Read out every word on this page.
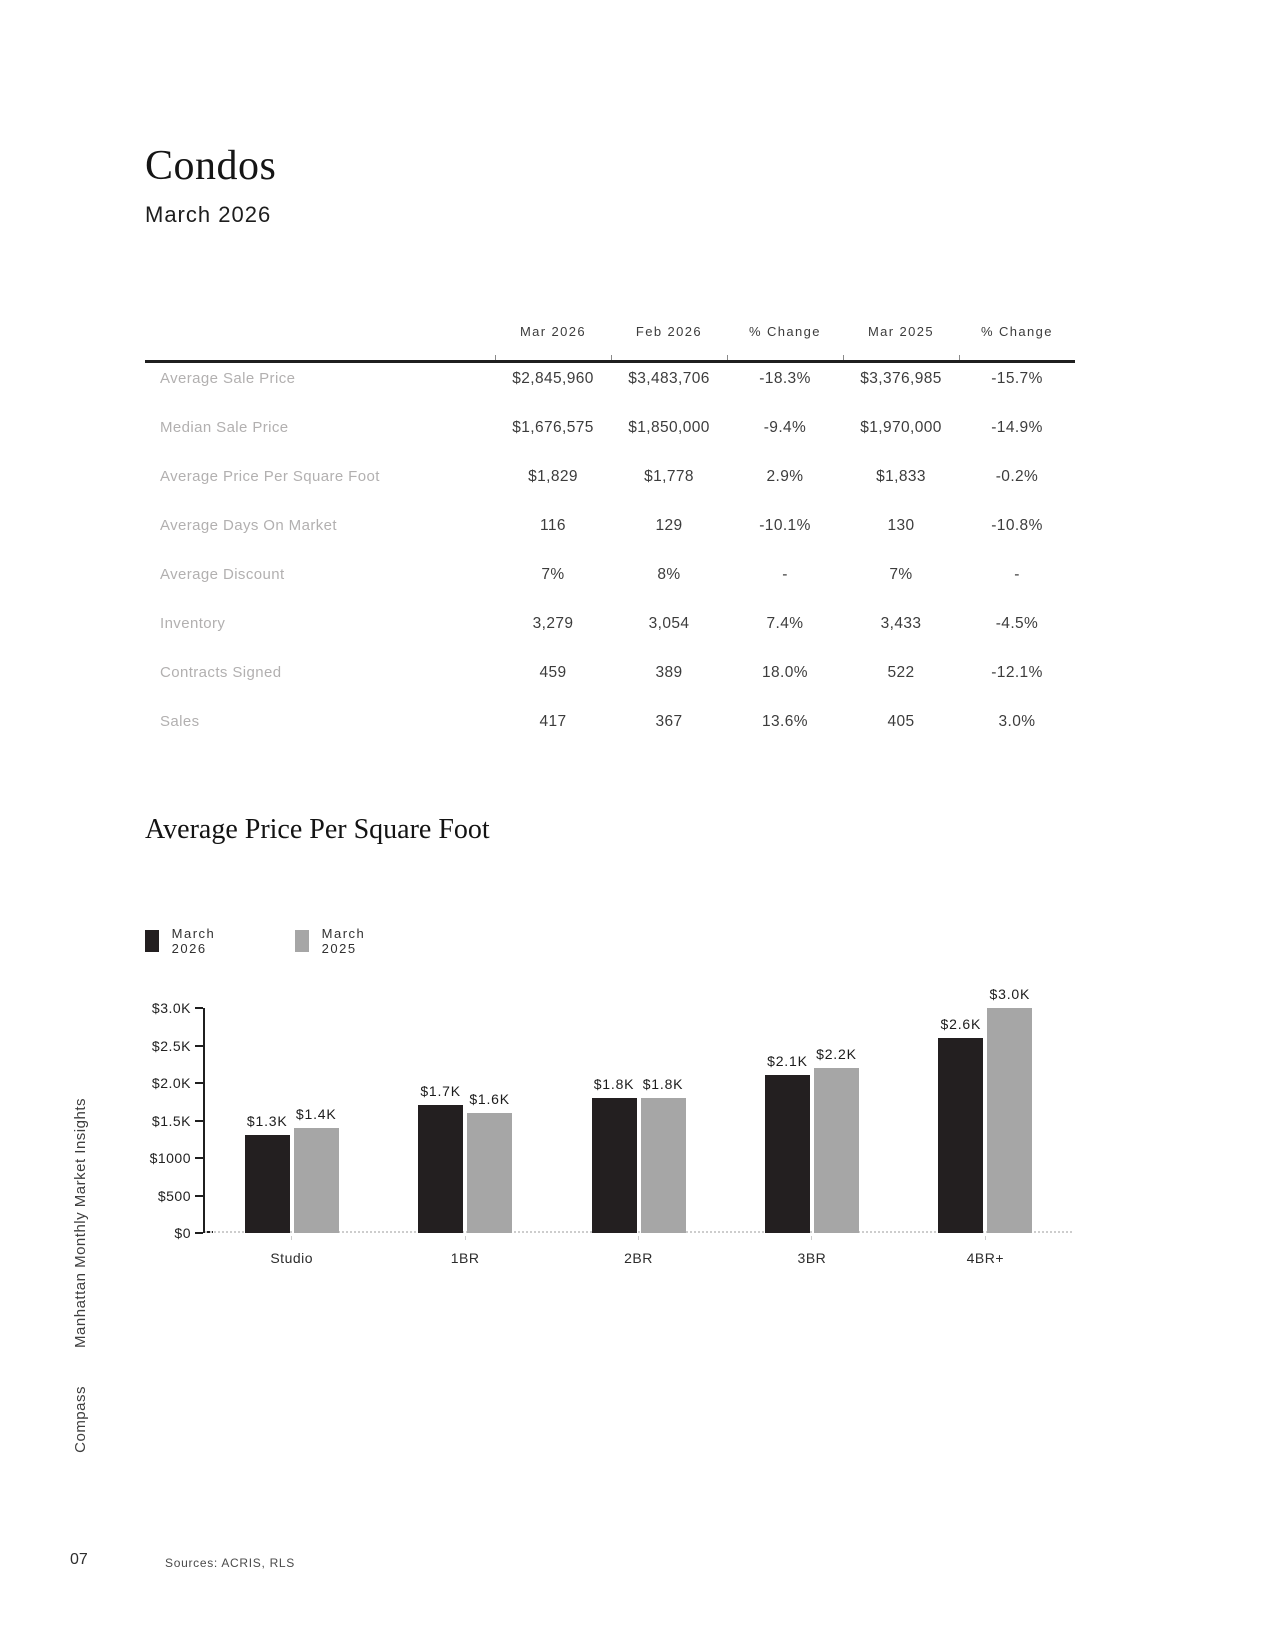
Condos
March 2026
Mar 2026	Feb 2026	% Change	Mar 2025	% Change
Average Sale Price	$2,845,960	$3,483,706	-18.3%	$3,376,985	-15.7%
Median Sale Price	$1,676,575	$1,850,000	-9.4%	$1,970,000	-14.9%
Average Price Per Square Foot	$1,829	$1,778	2.9%	$1,833	-0.2%
Average Days On Market	116	129	-10.1%	130	-10.8%
Average Discount	7%	8%	-	7%	-
Inventory	3,279	3,054	7.4%	3,433	-4.5%
Contracts Signed	459	389	18.0%	522	-12.1%
Sales	417	367	13.6%	405	3.0%
Average Price Per Square Foot
March 2026
March 2025
$3.0K
$2.5K
$2.0K
$1.5K
$1000
$500
$0
$1.3K $1.4K
Studio
$1.7K $1.6K
1BR
$1.8K $1.8K
2BR
$2.1K $2.2K
3BR
$2.6K
$3.0K
4BR+
Manhattan Monthly Market Insights
Compass
07	Sources: ACRIS, RLS
